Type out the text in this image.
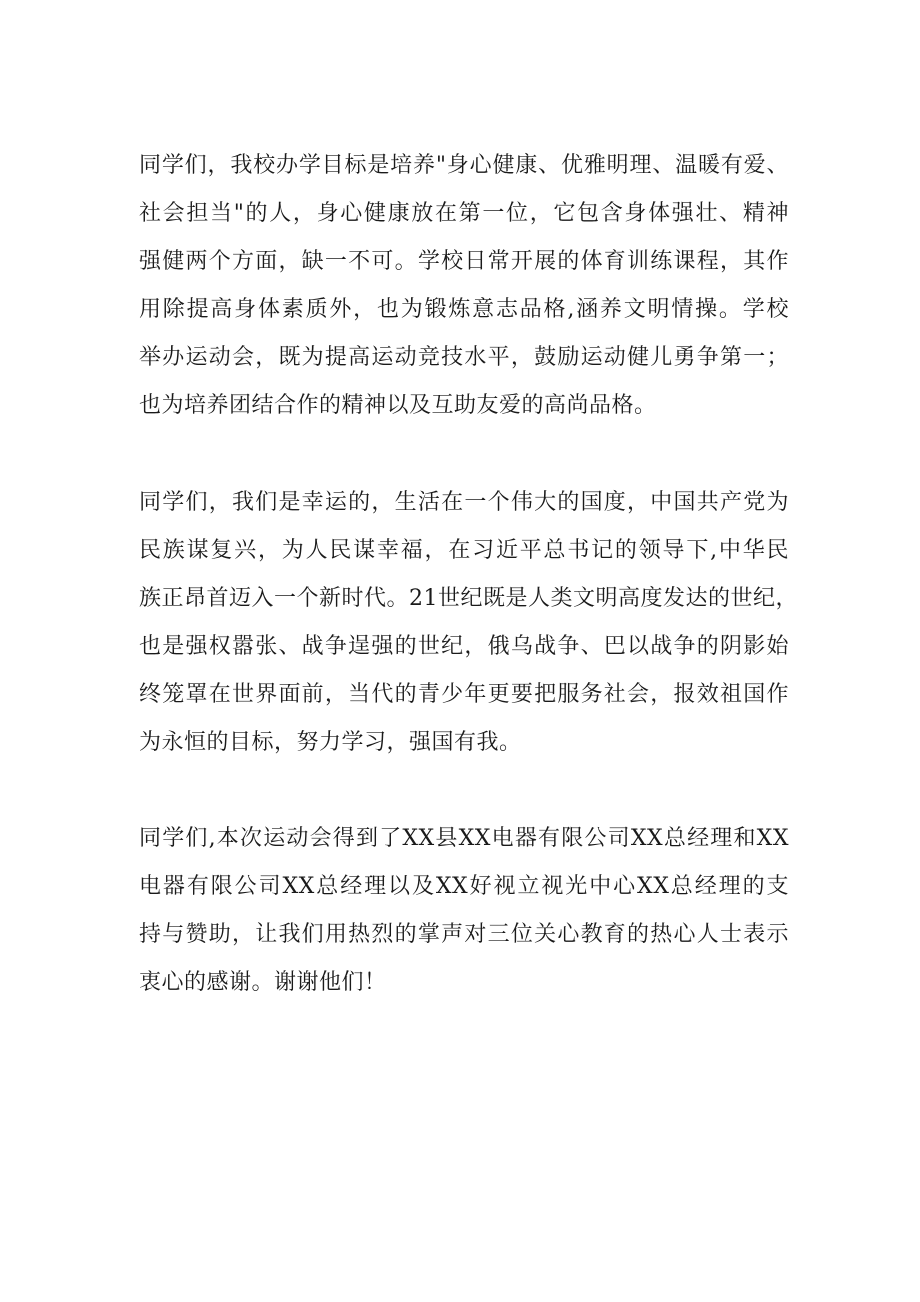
同学们，我校办学目标是培养"身心健康、优雅明理、温暖有爱、
社会担当"的人，身心健康放在第一位，它包含身体强壮、精神
强健两个方面，缺一不可。学校日常开展的体育训练课程，其作
用除提高身体素质外，也为锻炼意志品格,涵养文明情操。学校
举办运动会，既为提高运动竞技水平，鼓励运动健儿勇争第一；
也为培养团结合作的精神以及互助友爱的高尚品格。
同学们，我们是幸运的，生活在一个伟大的国度，中国共产党为
民族谋复兴，为人民谋幸福，在习近平总书记的领导下,中华民
族正昂首迈入一个新时代。21世纪既是人类文明高度发达的世纪，
也是强权嚣张、战争逞强的世纪，俄乌战争、巴以战争的阴影始
终笼罩在世界面前，当代的青少年更要把服务社会，报效祖国作
为永恒的目标，努力学习，强国有我。
同学们,本次运动会得到了XX县XX电器有限公司XX总经理和XX
电器有限公司XX总经理以及XX好视立视光中心XX总经理的支
持与赞助，让我们用热烈的掌声对三位关心教育的热心人士表示
衷心的感谢。谢谢他们！
